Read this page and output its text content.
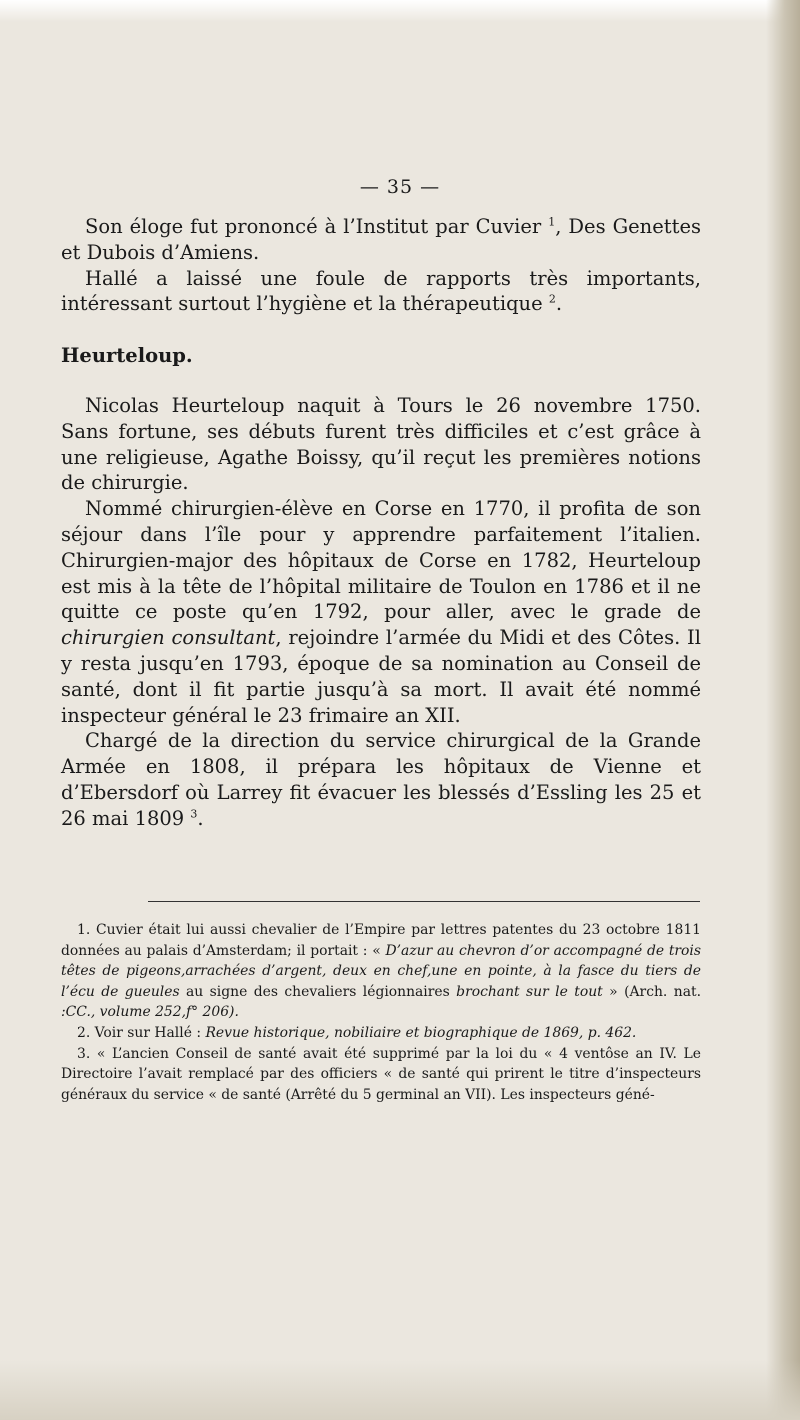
— 35 —

Son éloge fut prononcé à l’Institut par Cuvier $^1$, Des Genettes et Dubois d’Amiens.

Hallé a laissé une foule de rapports très importants, intéressant surtout l’hygiène et la thérapeutique $^2$.

Heurteloup.

Nicolas Heurteloup naquit à Tours le 26 novembre 1750. Sans fortune, ses débuts furent très difficiles et c’est grâce à une religieuse, Agathe Boissy, qu’il reçut les premières notions de chirurgie.

Nommé chirurgien-élève en Corse en 1770, il profita de son séjour dans l’île pour y apprendre parfaitement l’italien. Chirurgien-major des hôpitaux de Corse en 1782, Heurteloup est mis à la tête de l’hôpital militaire de Toulon en 1786 et il ne quitte ce poste qu’en 1792, pour aller, avec le grade de chirurgien consultant, rejoindre l’armée du Midi et des Côtes. Il y resta jusqu’en 1793, époque de sa nomination au Conseil de santé, dont il fit partie jusqu’à sa mort. Il avait été nommé inspecteur général le 23 frimaire an XII.

Chargé de la direction du service chirurgical de la Grande Armée en 1808, il prépara les hôpitaux de Vienne et d’Ebersdorf où Larrey fit évacuer les blessés d’Essling les 25 et 26 mai 1809 $^3$.

1. Cuvier était lui aussi chevalier de l’Empire par lettres patentes du 23 octobre 1811 données au palais d’Amsterdam; il portait : « D’azur au chevron d’or accompagné de trois têtes de pigeons,arrachées d’argent, deux en chef,une en pointe, à la fasce du tiers de l’écu de gueules au signe des chevaliers légionnaires brochant sur le tout » (Arch. nat. :CC., volume 252,f° 206).

2. Voir sur Hallé : Revue historique, nobiliaire et biographique de 1869, p. 462.

3. « L’ancien Conseil de santé avait été supprimé par la loi du « 4 ventôse an IV. Le Directoire l’avait remplacé par des officiers « de santé qui prirent le titre d’inspecteurs généraux du service « de santé (Arrêté du 5 germinal an VII). Les inspecteurs géné-
